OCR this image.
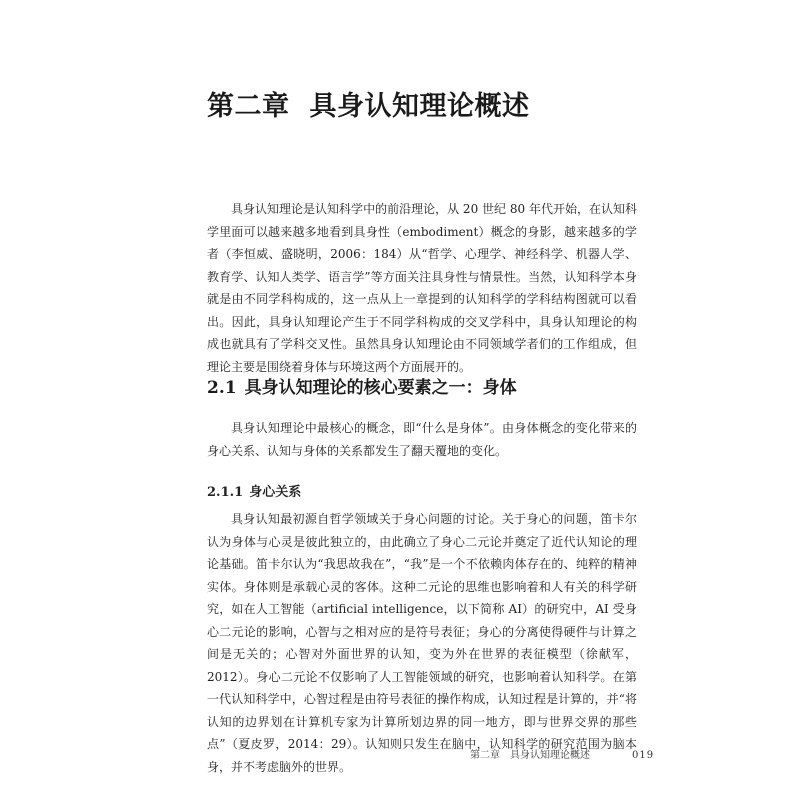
第二章 具身认知理论概述

具身认知理论是认知科学中的前沿理论，从 20 世纪 80 年代开始，在认知科学里面可以越来越多地看到具身性（embodiment）概念的身影，越来越多的学者（李恒威、盛晓明，2006：184）从“哲学、心理学、神经科学、机器人学、教育学、认知人类学、语言学”等方面关注具身性与情景性。当然，认知科学本身就是由不同学科构成的，这一点从上一章提到的认知科学的学科结构图就可以看出。因此，具身认知理论产生于不同学科构成的交叉学科中，具身认知理论的构成也就具有了学科交叉性。虽然具身认知理论由不同领域学者们的工作组成，但理论主要是围绕着身体与环境这两个方面展开的。

2.1 具身认知理论的核心要素之一：身体

具身认知理论中最核心的概念，即“什么是身体”。由身体概念的变化带来的身心关系、认知与身体的关系都发生了翻天覆地的变化。

2.1.1 身心关系

具身认知最初源自哲学领域关于身心问题的讨论。关于身心的问题，笛卡尔认为身体与心灵是彼此独立的，由此确立了身心二元论并奠定了近代认知论的理论基础。笛卡尔认为“我思故我在”，“我”是一个不依赖肉体存在的、纯粹的精神实体。身体则是承载心灵的客体。这种二元论的思维也影响着和人有关的科学研究，如在人工智能（artificial intelligence，以下简称 AI）的研究中，AI 受身心二元论的影响，心智与之相对应的是符号表征；身心的分离使得硬件与计算之间是无关的；心智对外面世界的认知，变为外在世界的表征模型（徐献军，2012）。身心二元论不仅影响了人工智能领域的研究，也影响着认知科学。在第一代认知科学中，心智过程是由符号表征的操作构成，认知过程是计算的，并“将认知的边界划在计算机专家为计算所划边界的同一地方，即与世界交界的那些点”（夏皮罗，2014：29）。认知则只发生在脑中，认知科学的研究范围为脑本身，并不考虑脑外的世界。

第二章　具身认知理论概述	019
